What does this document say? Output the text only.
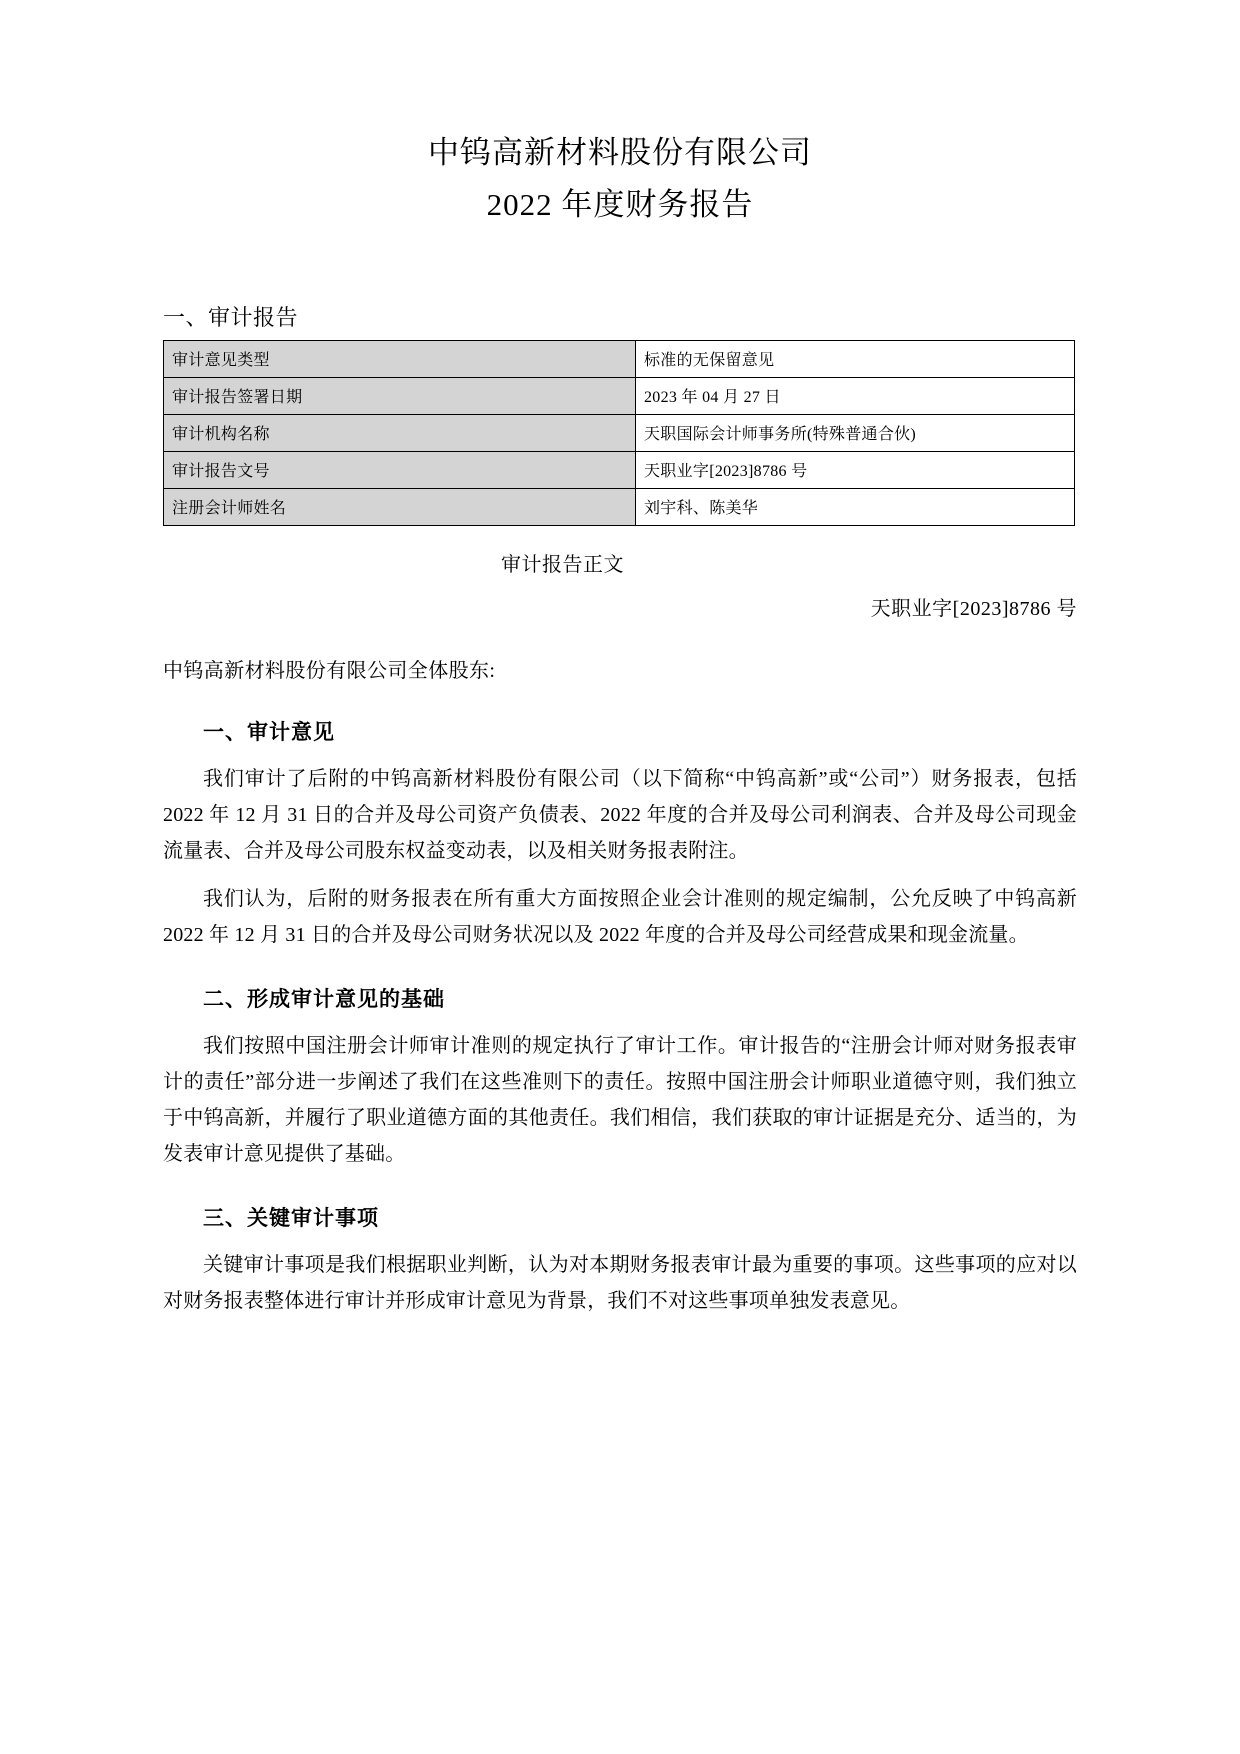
中钨高新材料股份有限公司
2022 年度财务报告
一、审计报告
审计意见类型	标准的无保留意见
审计报告签署日期	2023 年 04 月 27 日
审计机构名称	天职国际会计师事务所(特殊普通合伙)
审计报告文号	天职业字[2023]8786 号
注册会计师姓名	刘宇科、陈美华
审计报告正文
天职业字[2023]8786 号
中钨高新材料股份有限公司全体股东:
一、审计意见

我们审计了后附的中钨高新材料股份有限公司（以下简称“中钨高新”或“公司”）财务报表，包括 2022 年 12 月 31 日的合并及母公司资产负债表、2022 年度的合并及母公司利润表、合并及母公司现金流量表、合并及母公司股东权益变动表，以及相关财务报表附注。

我们认为，后附的财务报表在所有重大方面按照企业会计准则的规定编制，公允反映了中钨高新 2022 年 12 月 31 日的合并及母公司财务状况以及 2022 年度的合并及母公司经营成果和现金流量。

二、形成审计意见的基础

我们按照中国注册会计师审计准则的规定执行了审计工作。审计报告的“注册会计师对财务报表审计的责任”部分进一步阐述了我们在这些准则下的责任。按照中国注册会计师职业道德守则，我们独立于中钨高新，并履行了职业道德方面的其他责任。我们相信，我们获取的审计证据是充分、适当的，为发表审计意见提供了基础。

三、关键审计事项

关键审计事项是我们根据职业判断，认为对本期财务报表审计最为重要的事项。这些事项的应对以对财务报表整体进行审计并形成审计意见为背景，我们不对这些事项单独发表意见。
